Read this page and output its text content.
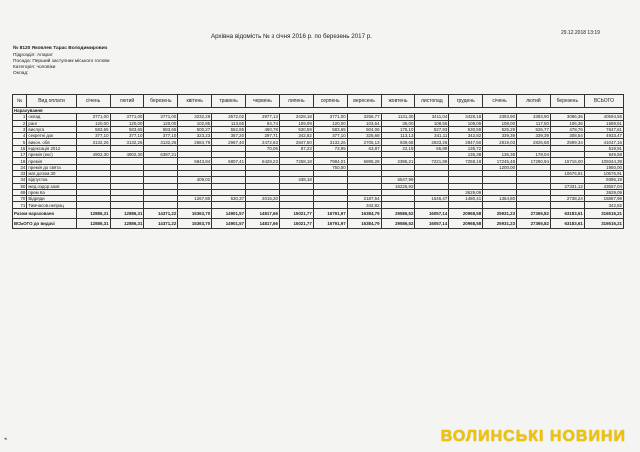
29.12.2018 13:19
Архівна відомість № з січня 2016 р. по березень 2017 р.
№ 8120 Яковлев Тарас Володимирович
Підрозділ: Апарат
Посада: Перший заступник міського голови
Категорія: чоловіки
Оклад:
№	Вид оплати	січень	лютий	березень	квітень	травень	червень	липень	серпень	вересень	жовтень	листопад	грудень	січень	лютий	березень	ВСЬОГО
Нарахування																	
1	оклад	3771,00	3771,00	3771,00	3232,29	3572,02	2977,13	3428,18	3771,00	3256,77	1131,30	3411,04	3428,18	3393,90	3393,90	3086,36	40594,56
2	ранг	120,00	120,00	120,00	102,85	113,65	94,74	109,09	120,00	103,64	36,00	108,55	109,09	108,00	117,50	106,36	1589,51
3	вислуга	583,65	583,65	583,65	500,27	552,85	460,78	530,59	583,65	504,06	175,10	527,93	530,59	525,29	526,77	478,76	7647,61
4	секретні док	377,10	377,10	377,10	323,23	357,20	297,71	342,82	377,10	325,68	113,13	341,11	342,82	339,39	339,39	308,54	4933,47
5	викон. обв	3132,26	3132,26	3132,26	2684,79	2967,40	2472,63	2847,50	3132,26	2705,13	939,68	2833,26	2847,50	2819,03	2826,68	2599,34	41047,16
16	індексація 2012						70,06	87,23	73,95	63,87	22,19	66,89	135,72				519,91
17	премія (екс)	4902,30	4902,30	6387,21									135,38	135,38	178,04		949,58
18	премія				6843,84	6807,41	6429,23	7258,18	7984,01	6895,28	2395,21	7221,89	7258,18	17245,48	17290,94	15716,00	109344,39
24	премія до свята								750,00					1200,00			1950,00
33	мат.допом.30															10676,91	10676,91
34	відпустка				409,02			438,18			6547,99						9395,19
50	мед.оздор.захв										16225,92					27331,12	43557,04
69	прем Ка												3629,09				3629,09
70	Відряди				1267,80	530,37	2015,20			2187,54		1546,47	1480,41	1364,80		2738,24	15887,99
71	Тимчасов.непрац									342,82							342,82
Разом нараховано		12886,31	12886,31	14371,22	15363,70	14901,57	14817,66	15021,77	16791,97	16384,79	29586,52	16057,14	20968,58	25931,23	27365,82	63183,61	316516,21
ВСЬОГО до видачі		12886,31	12886,31	14371,22	15363,70	14901,57	14817,66	15021,77	16791,97	16384,79	29586,52	16057,14	20968,58	25931,23	27365,82	63183,61	316516,21
ВОЛИНСЬКІ НОВИНИ
◂
